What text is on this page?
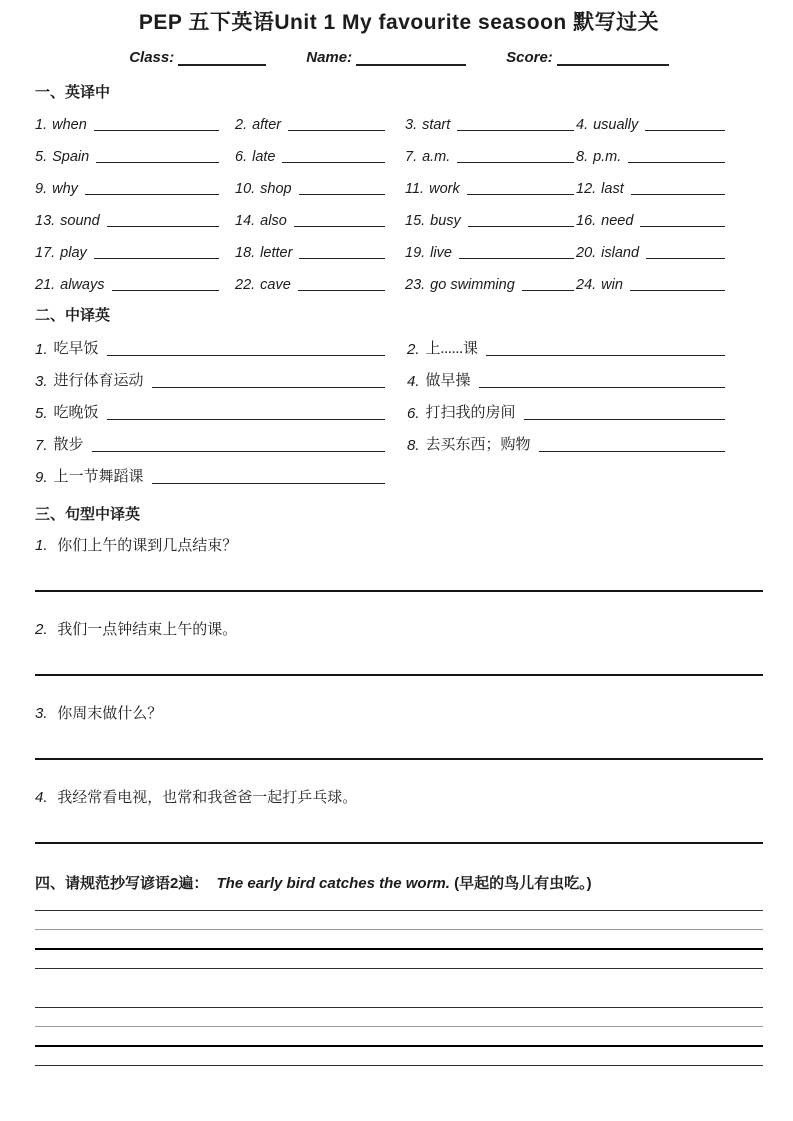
PEP 五下英语Unit 1 My favourite seasoon 默写过关
Class:	Name:	Score:
一、英译中
1. when	2. after	3. start	4. usually
5. Spain	6. late	7. a.m.	8. p.m.
9. why	10. shop	11. work	12. last
13. sound	14. also	15. busy	16. need
17. play	18. letter	19. live	20. island
21. always	22. cave	23. go swimming	24. win
二、中译英
1. 吃早饭	2. 上......课
3. 进行体育运动	4. 做早操
5. 吃晚饭	6. 打扫我的房间
7. 散步	8. 去买东西；购物
9. 上一节舞蹈课
三、句型中译英
1. 你们上午的课到几点结束？
2. 我们一点钟结束上午的课。
3. 你周末做什么？
4. 我经常看电视，也常和我爸爸一起打乒乓球。
四、请规范抄写谚语2遍： The early bird catches the worm. (早起的鸟儿有虫吃。)
